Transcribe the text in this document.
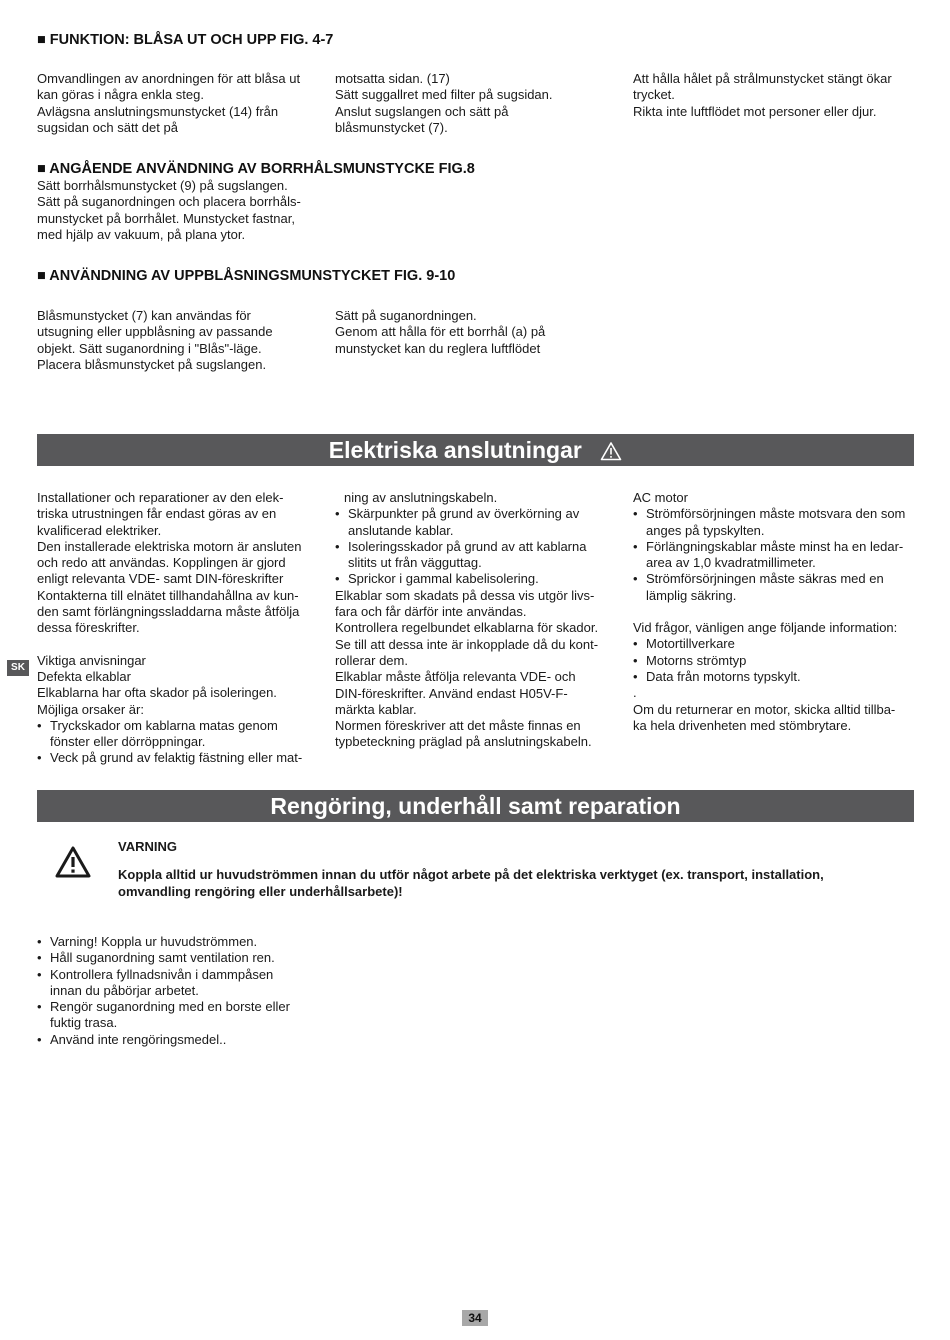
■ FUNKTION: BLÅSA UT OCH UPP FIG. 4-7
Omvandlingen av anordningen för att blåsa ut
kan göras i några enkla steg.
Avlägsna anslutningsmunstycket (14) från
sugsidan och sätt det på
motsatta sidan. (17)
Sätt suggallret med filter på sugsidan.
Anslut sugslangen och sätt på
blåsmunstycket (7).
Att hålla hålet på strålmunstycket stängt ökar
trycket.
Rikta inte luftflödet mot personer eller djur.
■ ANGÅENDE ANVÄNDNING AV BORRHÅLSMUNSTYCKE FIG.8
Sätt borrhålsmunstycket (9) på sugslangen.
Sätt på suganordningen och placera borrhåls-
munstycket på borrhålet. Munstycket fastnar,
med hjälp av vakuum, på plana ytor.
■ ANVÄNDNING AV UPPBLÅSNINGSMUNSTYCKET FIG. 9-10
Blåsmunstycket (7) kan användas för
utsugning eller uppblåsning av passande
objekt. Sätt suganordning i "Blås"-läge.
Placera blåsmunstycket på sugslangen.
Sätt på suganordningen.
Genom att hålla för ett borrhål (a) på
munstycket kan du reglera luftflödet
Elektriska anslutningar
Installationer och reparationer av den elek-
triska utrustningen får endast göras av en
kvalificerad elektriker.
Den installerade elektriska motorn är ansluten
och redo att användas. Kopplingen är gjord
enligt relevanta VDE- samt DIN-föreskrifter
Kontakterna till elnätet tillhandahållna av kun-
den samt förlängningssladdarna måste åtfölja
dessa föreskrifter.
Viktiga anvisningar
Defekta elkablar
Elkablarna har ofta skador på isoleringen.
Möjliga orsaker är:
• Tryckskador om kablarna matas genom
fönster eller dörröppningar.
• Veck på grund av felaktig fästning eller mat-
ning av anslutningskabeln.
• Skärpunkter på grund av överkörning av
anslutande kablar.
• Isoleringsskador på grund av att kablarna
slitits ut från vägguttag.
• Sprickor i gammal kabelisolering.
Elkablar som skadats på dessa vis utgör livs-
fara och får därför inte användas.
Kontrollera regelbundet elkablarna för skador.
Se till att dessa inte är inkopplade då du kont-
rollerar dem.
Elkablar måste åtfölja relevanta VDE- och
DIN-föreskrifter. Använd endast H05V-F-
märkta kablar.
Normen föreskriver att det måste finnas en
typbeteckning präglad på anslutningskabeln.
AC motor
• Strömförsörjningen måste motsvara den som
anges på typskylten.
• Förlängningskablar måste minst ha en ledar-
area av 1,0 kvadratmillimeter.
• Strömförsörjningen måste säkras med en
lämplig säkring.
Vid frågor, vänligen ange följande information:
• Motortillverkare
• Motorns strömtyp
• Data från motorns typskylt.
.
Om du returnerar en motor, skicka alltid tillba-
ka hela drivenheten med stömbrytare.
SK
Rengöring, underhåll samt reparation
VARNING
Koppla alltid ur huvudströmmen innan du utför något arbete på det elektriska verktyget (ex. transport, installation,
omvandling rengöring eller underhållsarbete)!
• Varning! Koppla ur huvudströmmen.
• Håll suganordning samt ventilation ren.
• Kontrollera fyllnadsnivån i dammpåsen
innan du påbörjar arbetet.
• Rengör suganordning med en borste eller
fuktig trasa.
• Använd inte rengöringsmedel..
34
